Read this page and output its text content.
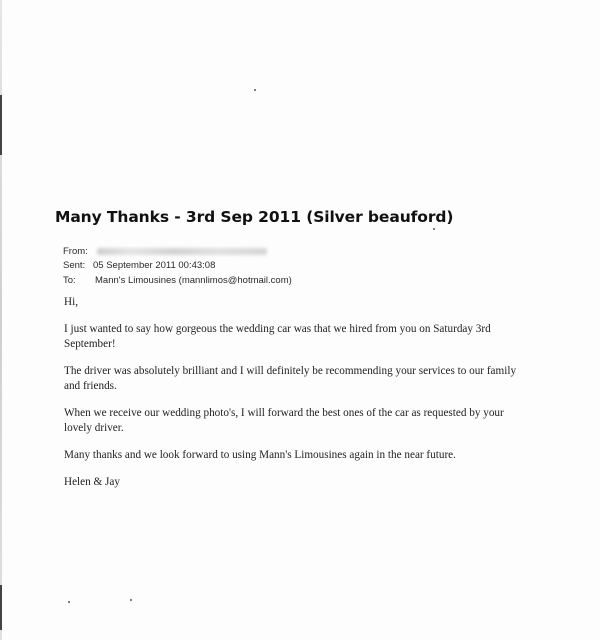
Many Thanks - 3rd Sep 2011 (Silver beauford)
From:
Sent: 05 September 2011 00:43:08
To:	Mann's Limousines (mannlimos@hotmail.com)

Hi,

I just wanted to say how gorgeous the wedding car was that we hired from you on Saturday 3rd September!

The driver was absolutely brilliant and I will definitely be recommending your services to our family and friends.

When we receive our wedding photo's, I will forward the best ones of the car as requested by your lovely driver.

Many thanks and we look forward to using Mann's Limousines again in the near future.

Helen & Jay
